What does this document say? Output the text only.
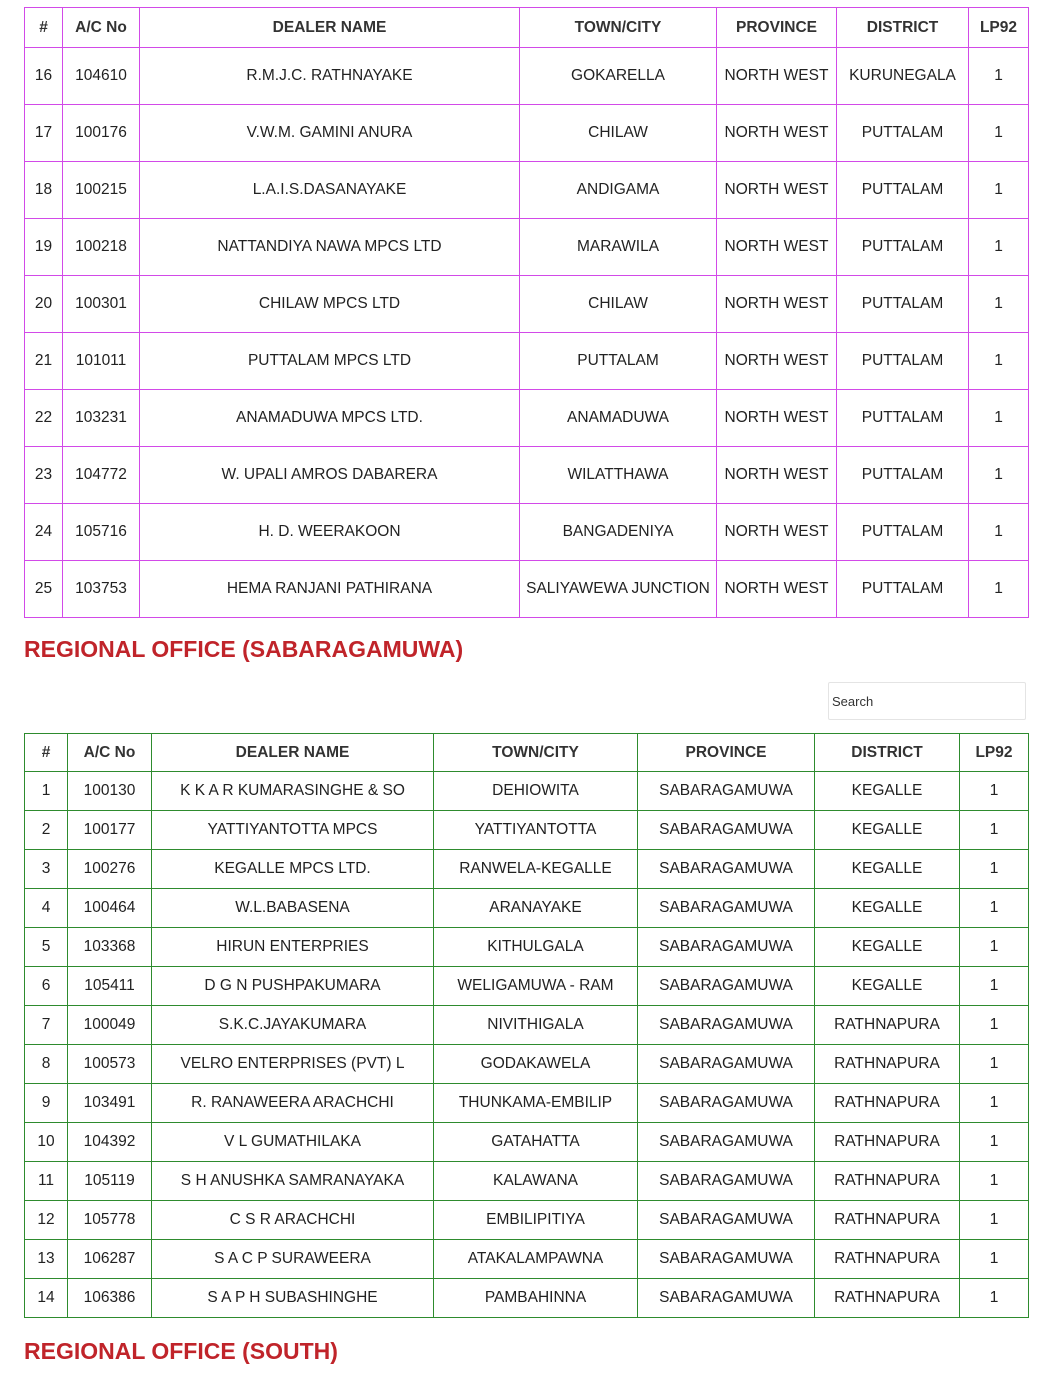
#	A/C No	DEALER NAME	TOWN/CITY	PROVINCE	DISTRICT	LP92
16	104610	R.M.J.C. RATHNAYAKE	GOKARELLA	NORTH WEST	KURUNEGALA	1
17	100176	V.W.M. GAMINI ANURA	CHILAW	NORTH WEST	PUTTALAM	1
18	100215	L.A.I.S.DASANAYAKE	ANDIGAMA	NORTH WEST	PUTTALAM	1
19	100218	NATTANDIYA NAWA MPCS LTD	MARAWILA	NORTH WEST	PUTTALAM	1
20	100301	CHILAW MPCS LTD	CHILAW	NORTH WEST	PUTTALAM	1
21	101011	PUTTALAM MPCS LTD	PUTTALAM	NORTH WEST	PUTTALAM	1
22	103231	ANAMADUWA MPCS LTD.	ANAMADUWA	NORTH WEST	PUTTALAM	1
23	104772	W. UPALI AMROS DABARERA	WILATTHAWA	NORTH WEST	PUTTALAM	1
24	105716	H. D. WEERAKOON	BANGADENIYA	NORTH WEST	PUTTALAM	1
25	103753	HEMA RANJANI PATHIRANA	SALIYAWEWA JUNCTION	NORTH WEST	PUTTALAM	1
REGIONAL OFFICE (SABARAGAMUWA)
Search
#	A/C No	DEALER NAME	TOWN/CITY	PROVINCE	DISTRICT	LP92
1	100130	K K A R KUMARASINGHE & SO	DEHIOWITA	SABARAGAMUWA	KEGALLE	1
2	100177	YATTIYANTOTTA MPCS	YATTIYANTOTTA	SABARAGAMUWA	KEGALLE	1
3	100276	KEGALLE MPCS LTD.	RANWELA-KEGALLE	SABARAGAMUWA	KEGALLE	1
4	100464	W.L.BABASENA	ARANAYAKE	SABARAGAMUWA	KEGALLE	1
5	103368	HIRUN ENTERPRIES	KITHULGALA	SABARAGAMUWA	KEGALLE	1
6	105411	D G N PUSHPAKUMARA	WELIGAMUWA - RAM	SABARAGAMUWA	KEGALLE	1
7	100049	S.K.C.JAYAKUMARA	NIVITHIGALA	SABARAGAMUWA	RATHNAPURA	1
8	100573	VELRO ENTERPRISES (PVT) L	GODAKAWELA	SABARAGAMUWA	RATHNAPURA	1
9	103491	R. RANAWEERA ARACHCHI	THUNKAMA-EMBILIP	SABARAGAMUWA	RATHNAPURA	1
10	104392	V L GUMATHILAKA	GATAHATTA	SABARAGAMUWA	RATHNAPURA	1
11	105119	S H ANUSHKA SAMRANAYAKA	KALAWANA	SABARAGAMUWA	RATHNAPURA	1
12	105778	C S R ARACHCHI	EMBILIPITIYA	SABARAGAMUWA	RATHNAPURA	1
13	106287	S A C P SURAWEERA	ATAKALAMPAWNA	SABARAGAMUWA	RATHNAPURA	1
14	106386	S A P H SUBASHINGHE	PAMBAHINNA	SABARAGAMUWA	RATHNAPURA	1
REGIONAL OFFICE (SOUTH)
